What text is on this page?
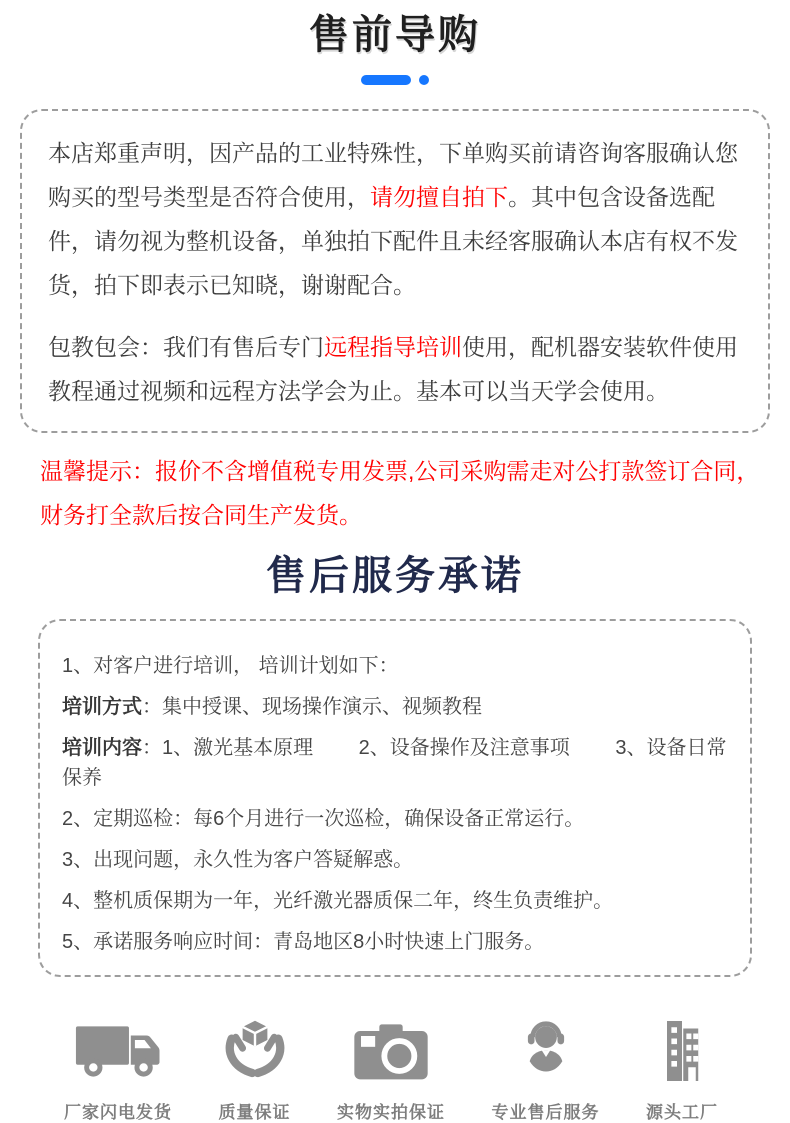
售前导购

本店郑重声明，因产品的工业特殊性，下单购买前请咨询客服确认您购买的型号类型是否符合使用，请勿擅自拍下。其中包含设备选配件，请勿视为整机设备，单独拍下配件且未经客服确认本店有权不发货，拍下即表示已知晓，谢谢配合。

包教包会：我们有售后专门远程指导培训使用，配机器安装软件使用教程通过视频和远程方法学会为止。基本可以当天学会使用。

温馨提示：报价不含增值税专用发票,公司采购需走对公打款签订合同，
财务打全款后按合同生产发货。
售后服务承诺
1、对客户进行培训， 培训计划如下：
培训方式：集中授课、现场操作演示、视频教程
培训内容：1、激光基本原理　　 2、设备操作及注意事项　　 3、设备日常保养
2、定期巡检：每6个月进行一次巡检，确保设备正常运行。
3、出现问题，永久性为客户答疑解惑。
4、整机质保期为一年，光纤激光器质保二年，终生负责维护。
5、承诺服务响应时间：青岛地区8小时快速上门服务。
厂家闪电发货	质量保证	实物实拍保证	专业售后服务	源头工厂
